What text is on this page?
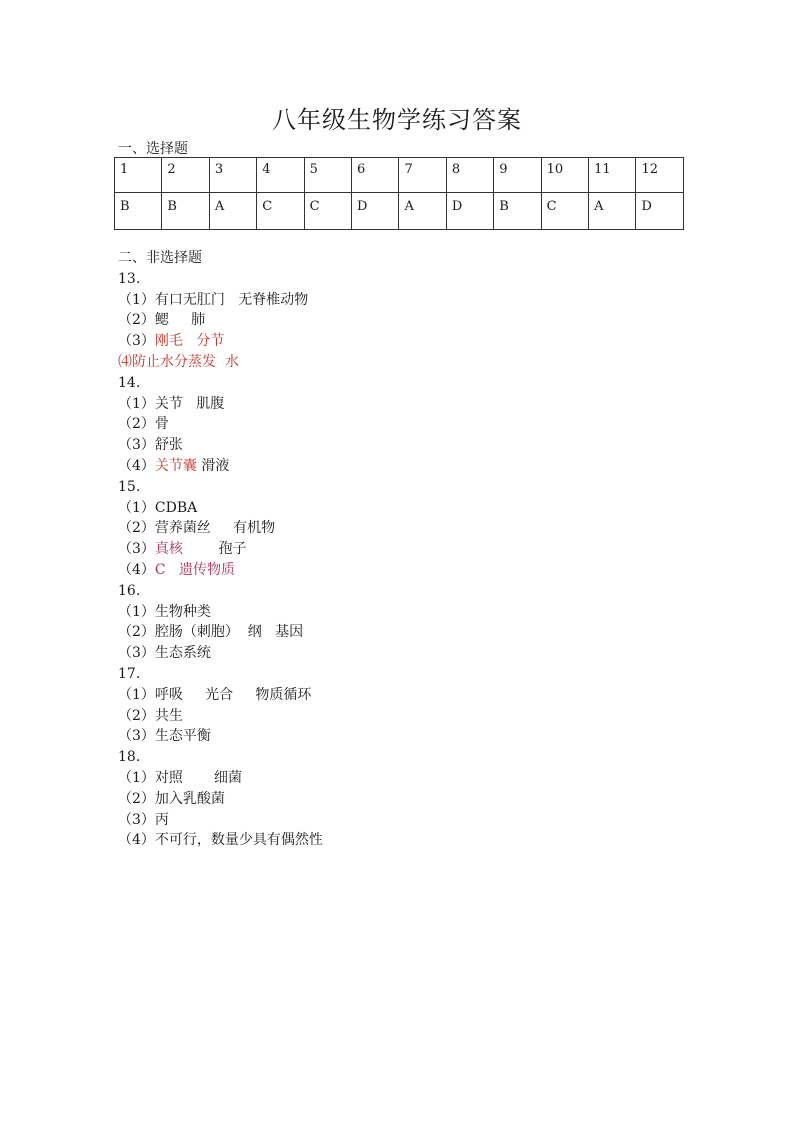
八年级生物学练习答案
一、选择题
1	2	3	4	5	6	7	8	9	10	11	12
B	B	A	C	C	D	A	D	B	C	A	D
二、非选择题
13.
（1）有口无肛门   无脊椎动物
（2）鳃     肺
（3）刚毛   分节
⑷防止水分蒸发  水
14.
（1）关节   肌腹
（2）骨
（3）舒张
（4）关节囊 滑液
15.
（1）CDBA
（2）营养菌丝     有机物
（3）真核        孢子
（4）C   遗传物质
16.
（1）生物种类
（2）腔肠（刺胞）  纲   基因
（3）生态系统
17.
（1）呼吸     光合     物质循环
（2）共生
（3）生态平衡
18.
（1）对照       细菌
（2）加入乳酸菌
（3）丙
（4）不可行，数量少具有偶然性
